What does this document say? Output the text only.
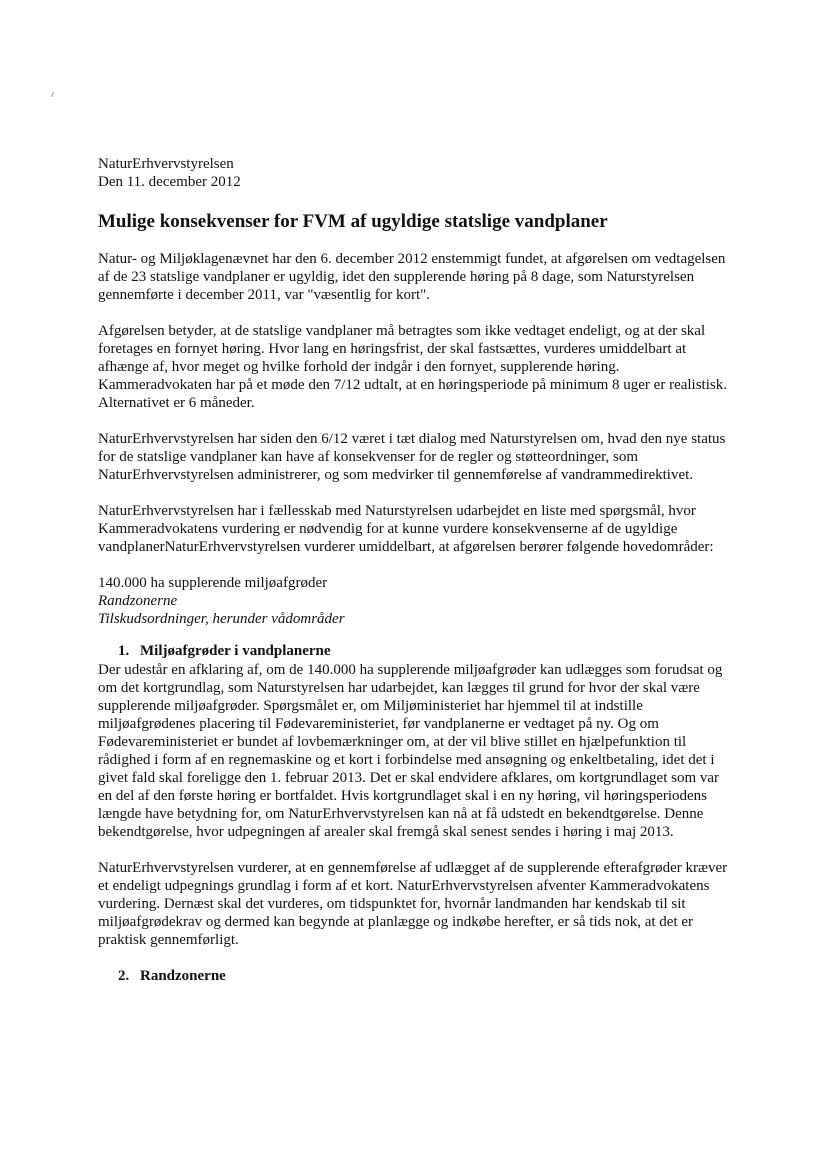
NaturErhvervstyrelsen

Den 11. december 2012

Mulige konsekvenser for FVM af ugyldige statslige vandplaner

Natur- og Miljøklagenævnet har den 6. december 2012 enstemmigt fundet, at afgørelsen om vedtagelsen af de 23 statslige vandplaner er ugyldig, idet den supplerende høring på 8 dage, som Naturstyrelsen gennemførte i december 2011, var "væsentlig for kort".

Afgørelsen betyder, at de statslige vandplaner må betragtes som ikke vedtaget endeligt, og at der skal foretages en fornyet høring. Hvor lang en høringsfrist, der skal fastsættes, vurderes umiddelbart at afhænge af, hvor meget og hvilke forhold der indgår i den fornyet, supplerende høring. Kammeradvokaten har på et møde den 7/12 udtalt, at en høringsperiode på minimum 8 uger er realistisk. Alternativet er 6 måneder.

NaturErhvervstyrelsen har siden den 6/12 været i tæt dialog med Naturstyrelsen om, hvad den nye status for de statslige vandplaner kan have af konsekvenser for de regler og støtteordninger, som NaturErhvervstyrelsen administrerer, og som medvirker til gennemførelse af vandrammedirektivet.

NaturErhvervstyrelsen har i fællesskab med Naturstyrelsen udarbejdet en liste med spørgsmål, hvor Kammeradvokatens vurdering er nødvendig for at kunne vurdere konsekvenserne af de ugyldige vandplanerNaturErhvervstyrelsen vurderer umiddelbart, at afgørelsen berører følgende hovedområder:

140.000 ha supplerende miljøafgrøder

Randzonerne

Tilskudsordninger, herunder vådområder

1. Miljøafgrøder i vandplanerne

Der udestår en afklaring af, om de 140.000 ha supplerende miljøafgrøder kan udlægges som forudsat og om det kortgrundlag, som Naturstyrelsen har udarbejdet, kan lægges til grund for hvor der skal være supplerende miljøafgrøder. Spørgsmålet er, om Miljøministeriet har hjemmel til at indstille miljøafgrødenes placering til Fødevareministeriet, før vandplanerne er vedtaget på ny. Og om Fødevareministeriet er bundet af lovbemærkninger om, at der vil blive stillet en hjælpefunktion til rådighed i form af en regnemaskine og et kort i forbindelse med ansøgning og enkeltbetaling, idet det i givet fald skal foreligge den 1. februar 2013. Det er skal endvidere afklares, om kortgrundlaget som var en del af den første høring er bortfaldet. Hvis kortgrundlaget skal i en ny høring, vil høringsperiodens længde have betydning for, om NaturErhvervstyrelsen kan nå at få udstedt en bekendtgørelse. Denne bekendtgørelse, hvor udpegningen af arealer skal fremgå skal senest sendes i høring i maj 2013.

NaturErhvervstyrelsen vurderer, at en gennemførelse af udlægget af de supplerende efterafgrøder kræver et endeligt udpegnings grundlag i form af et kort. NaturErhvervstyrelsen afventer Kammeradvokatens vurdering. Dernæst skal det vurderes, om tidspunktet for, hvornår landmanden har kendskab til sit miljøafgrødekrav og dermed kan begynde at planlægge og indkøbe herefter, er så tids nok, at det er praktisk gennemførligt.

2. Randzonerne
